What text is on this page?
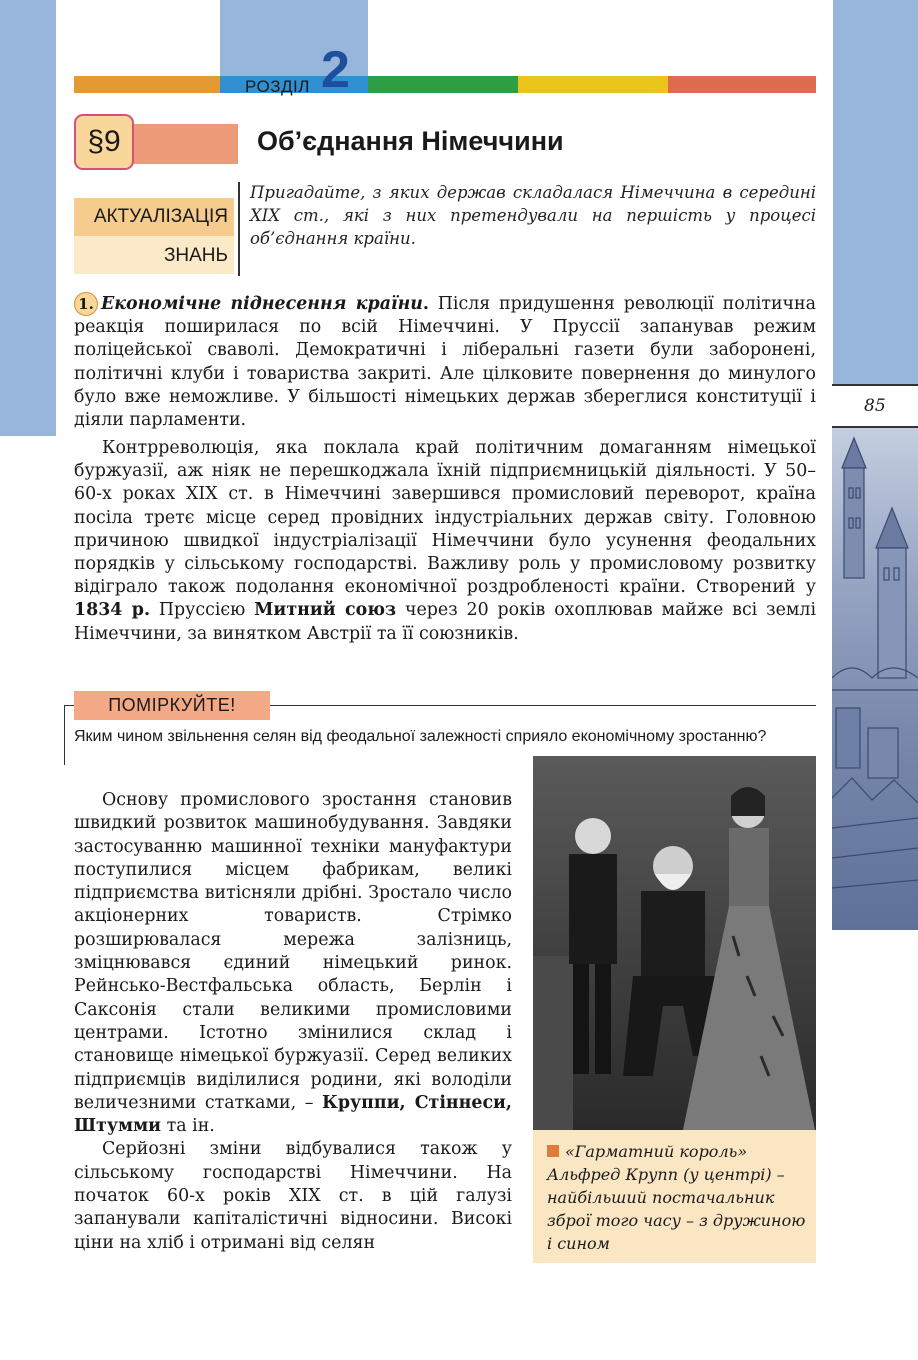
РОЗДІЛ 2
§9	Об’єднання Німеччини
АКТУАЛІЗАЦІЯ
ЗНАНЬ
Пригадайте, з яких держав складалася Німеччина в середині XIX ст., які з них претендували на першість у процесі об’єднання країни.
1. Економічне піднесення країни. Після придушення революції політична реакція поширилася по всій Німеччині. У Пруссії запанував режим поліцейської сваволі. Демократичні і ліберальні газети були заборонені, політичні клуби і товариства закриті. Але цілковите повернення до минулого було вже неможливе. У більшості німецьких держав збереглися конституції і діяли парламенти.
Контрреволюція, яка поклала край політичним домаганням німецької буржуазії, аж ніяк не перешкоджала їхній підприємницькій діяльності. У 50–60-х роках XIX ст. в Німеччині завершився промисловий переворот, країна посіла третє місце серед провідних індустріальних держав світу. Головною причиною швидкої індустріалізації Німеччини було усунення феодальних порядків у сільському господарстві. Важливу роль у промисловому розвитку відіграло також подолання економічної роздробленості країни. Створений у 1834 р. Пруссією Митний союз через 20 років охоплював майже всі землі Німеччини, за винятком Австрії та її союзників.
85
ПОМІРКУЙТЕ!
Яким чином звільнення селян від феодальної залежності сприяло економічному зростанню?

Основу промислового зростання становив швидкий розвиток машинобудування. Завдяки застосуванню машинної техніки мануфактури поступилися місцем фабрикам, великі підприємства витісняли дрібні. Зростало число акціонерних товариств. Стрімко розширювалася мережа залізниць, зміцнювався єдиний німецький ринок. Рейнсько-Вестфальська область, Берлін і Саксонія стали великими промисловими центрами. Істотно змінилися склад і становище німецької буржуазії. Серед великих підприємців виділилися родини, які володіли величезними статками, – Круппи, Стіннеси, Штумми та ін.

Серйозні зміни відбувалися також у сільському господарстві Німеччини. На початок 60-х років XIX ст. в цій галузі запанували капіталістичні відносини. Високі ціни на хліб і отримані від селян

«Гарматний король» Альфред Крупп (у центрі) – найбільший постачальник зброї того часу – з дружиною і сином
